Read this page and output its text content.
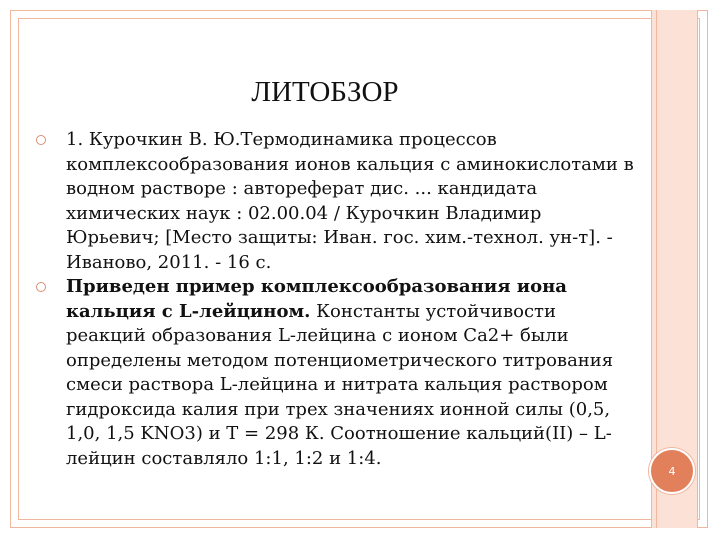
ЛИТОБЗОР
1. Курочкин В. Ю.Термодинамика процессов комплексообразования ионов кальция с аминокислотами в водном растворе : автореферат дис. ... кандидата химических наук : 02.00.04 / Курочкин Владимир Юрьевич; [Место защиты: Иван. гос. хим.-технол. ун-т]. - Иваново, 2011. - 16 с.
Приведен пример комплексообразования иона кальция с L-лейцином. Константы устойчивости реакций образования L-лейцина с ионом Ca2+ были определены методом потенциометрического титрования смеси раствора L-лейцина и нитрата кальция раствором гидроксида калия при трех значениях ионной силы (0,5, 1,0, 1,5 KNO3) и T = 298 К. Соотношение кальций(II) – L-лейцин составляло 1:1, 1:2 и 1:4.
4
